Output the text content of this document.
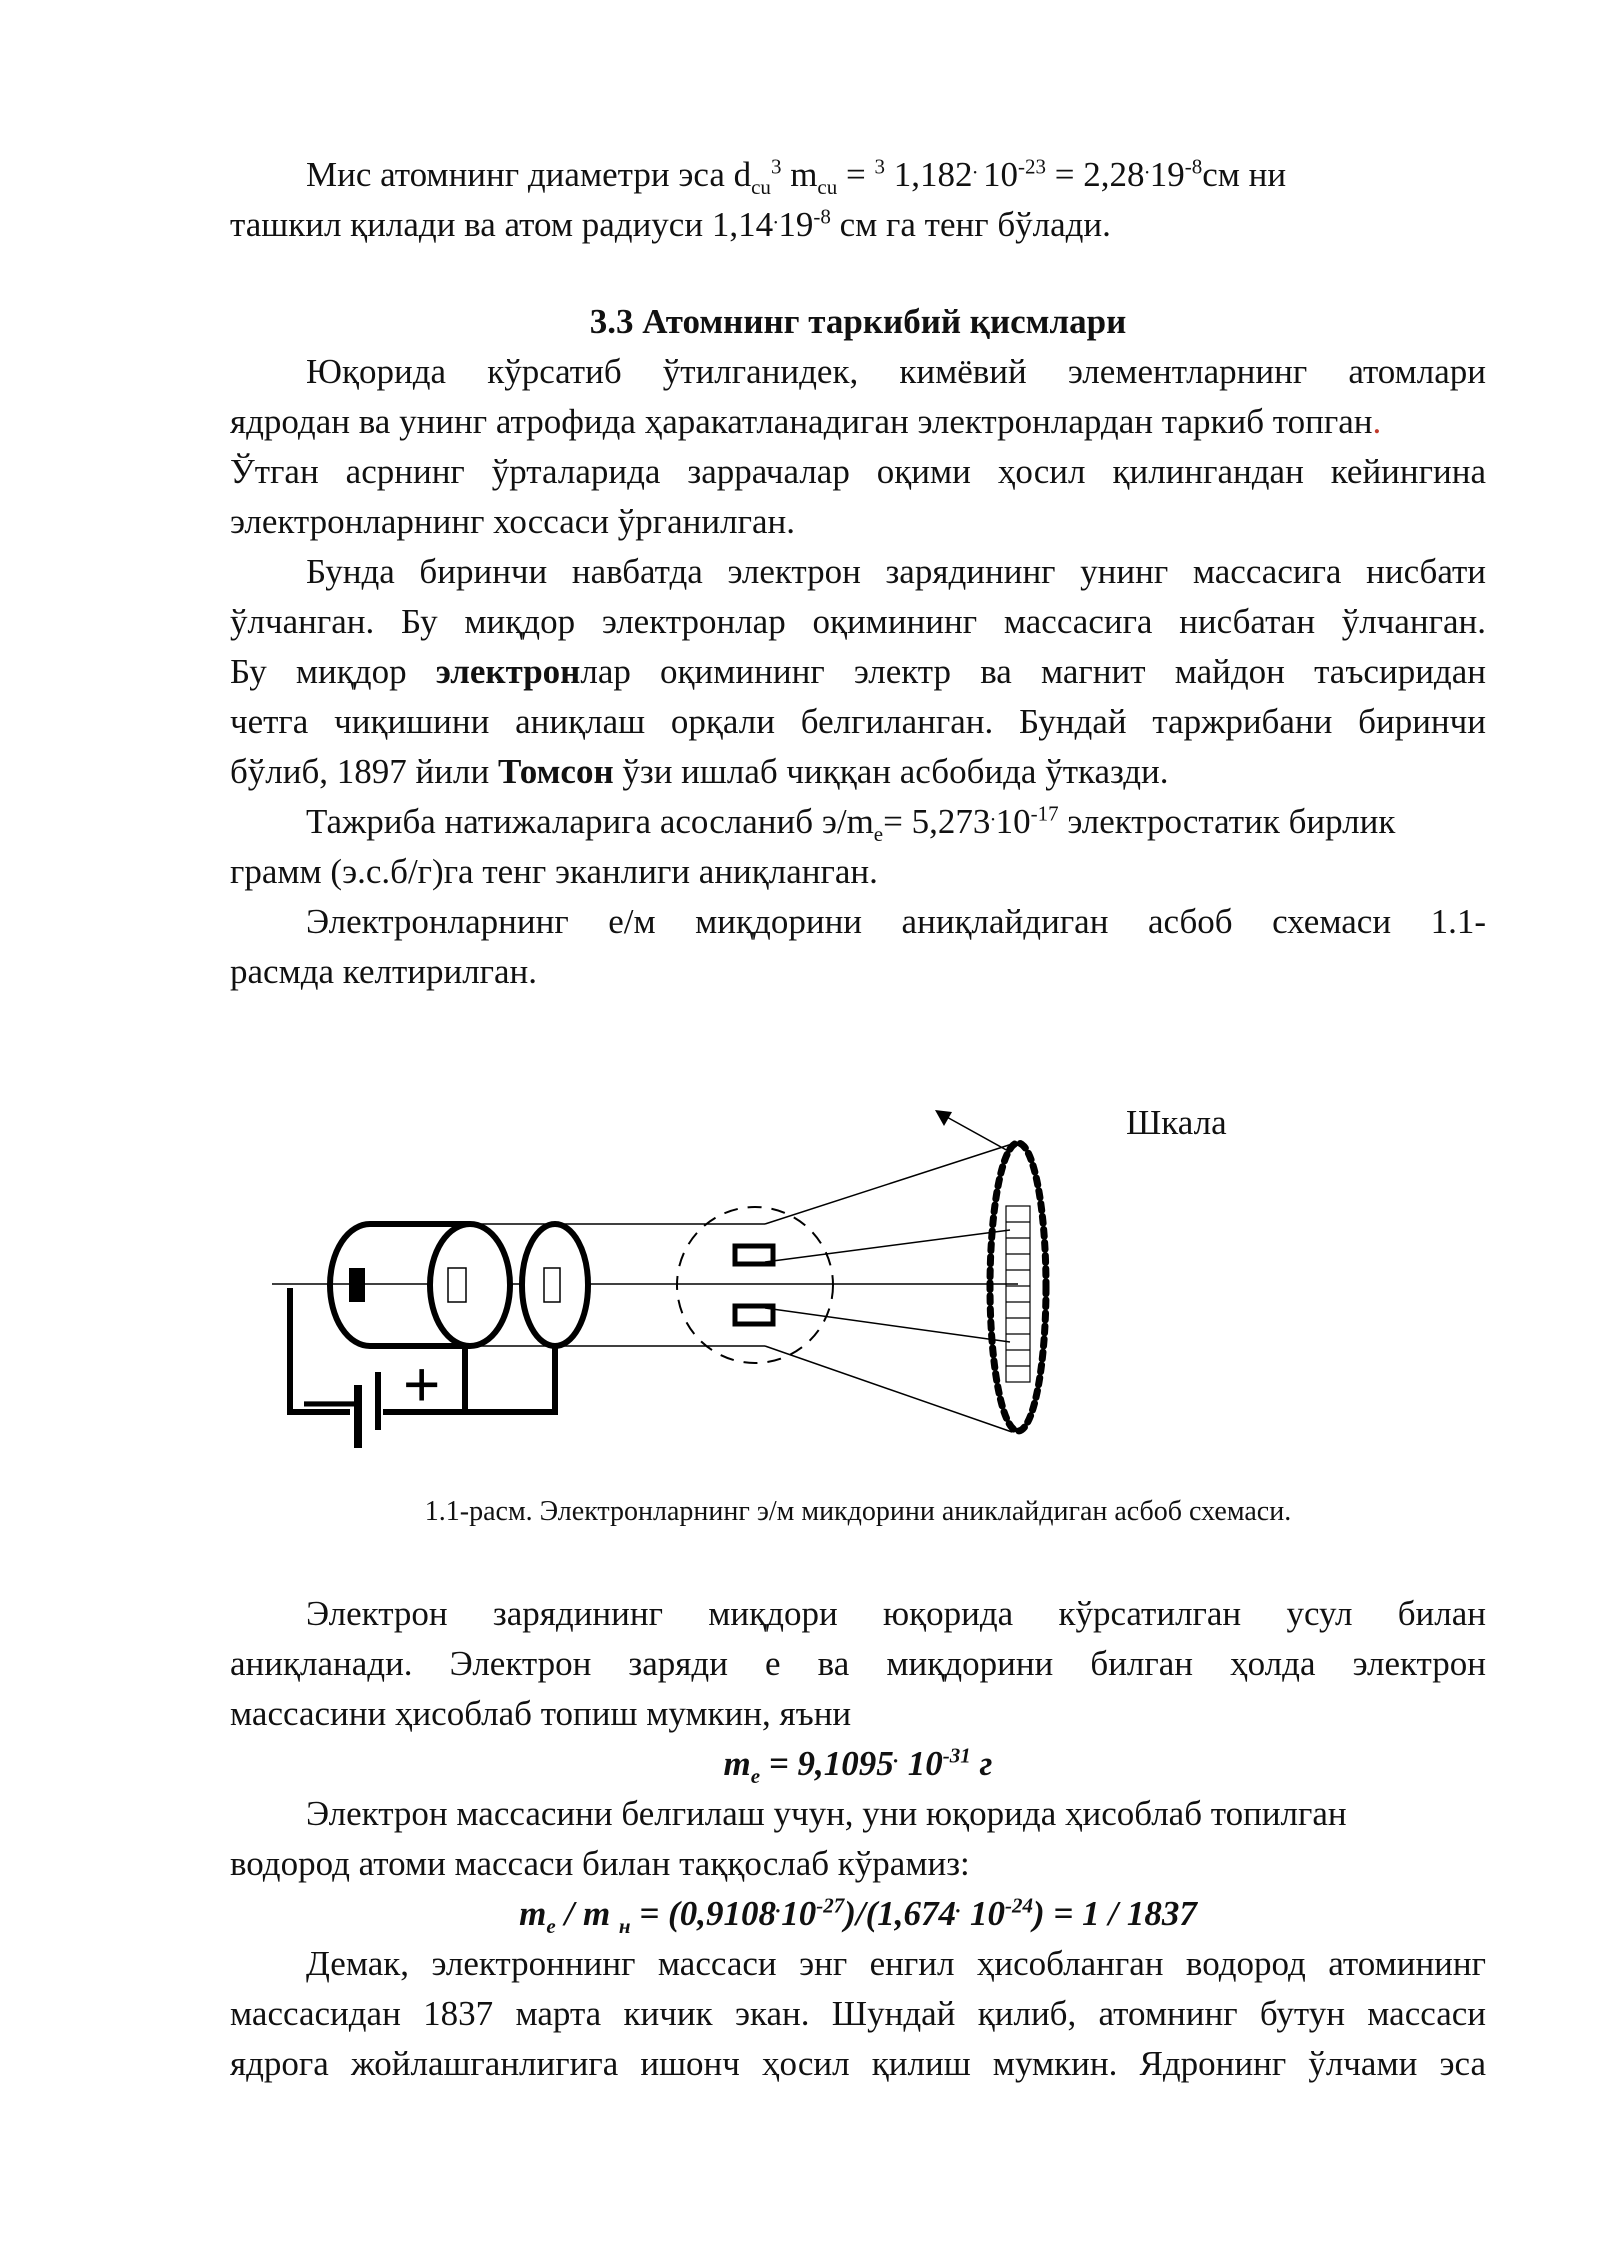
Мис атомнинг диаметри эса $d_{cu}^3$ $m_{cu} = ^3$ 1,182. $10^{-23} = 2,28^.19^{-8}см$ ни
ташкил қилади ва атом радиуси $1,14^.19^{-8}$ см га тенг бўлади.
3.3 Атомнинг таркибий қисмлари
Юқорида кўрсатиб ўтилганидек, кимёвий элементларнинг атомлари
ядродан ва унинг атрофида ҳаракатланадиган электронлардан таркиб топган.
Ўтган асрнинг ўрталарида заррачалар оқими ҳосил қилингандан кейингина
электронларнинг хоссаси ўрганилган.
Бунда биринчи навбатда электрон зарядининг унинг массасига нисбати
ўлчанган. Бу миқдор электронлар оқимининг массасига нисбатан ўлчанган.
Бу миқдор электронлар оқимининг электр ва магнит майдон таъсиридан
четга чиқишини аниқлаш орқали белгиланган. Бундай таржрибани биринчи
бўлиб, 1897 йили Томсон ўзи ишлаб чиққан асбобида ўтказди.
Тажриба натижаларига асосланиб $э/m_e= 5,273^.10^{-17}$ электростатик бирлик
грамм (э.с.б/г)га тенг эканлиги аниқланган.
Электронларнинг е/м миқдорини аниқлайдиган асбоб схемаси 1.1-
расмда келтирилган.
Шкала
— +
1.1-расм. Электронларнинг э/м микдорини аниклайдиган асбоб схемаси.
Электрон зарядининг миқдори юқорида кўрсатилган усул билан
аниқланади. Электрон заряди е ва миқдорини билган ҳолда электрон
массасини ҳисоблаб топиш мумкин, яъни
$m_e = 9,1095^.$ $10^{-31}$ г
Электрон массасини белгилаш учун, уни юқорида ҳисоблаб топилган
водород атоми массаси билан таққослаб кўрамиз:
$m_e$ / m $_н = (0,9108^.10^{-27})/(1,674^.$ $10^{-24}) = 1 / 1837$
Демак, электроннинг массаси энг енгил ҳисобланган водород атомининг
массасидан 1837 марта кичик экан. Шундай қилиб, атомнинг бутун массаси
ядрога жойлашганлигига ишонч ҳосил қилиш мумкин. Ядронинг ўлчами эса
